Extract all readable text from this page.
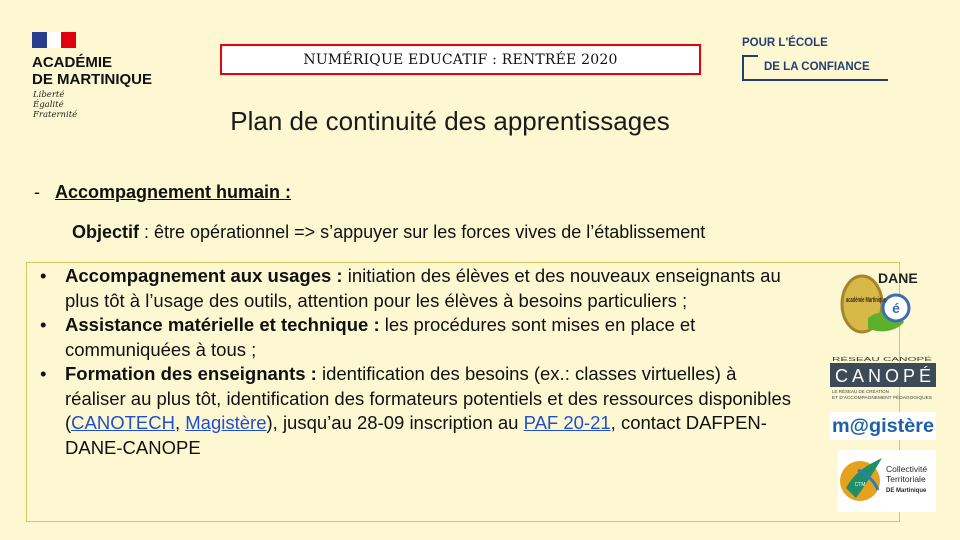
ACADÉMIE
DE MARTINIQUE
Liberté
Égalité
Fraternité
NUMÉRIQUE EDUCATIF : RENTRÉE 2020
POUR L'ÉCOLE
DE LA CONFIANCE
Plan de continuité des apprentissages
- Accompagnement humain :
Objectif : être opérationnel => s’appuyer sur les forces vives de l’établissement
• Accompagnement aux usages : initiation des élèves et des nouveaux enseignants au plus tôt à l’usage des outils, attention pour les élèves à besoins particuliers ;
• Assistance matérielle et technique : les procédures sont mises en place et communiquées à tous ;
• Formation des enseignants : identification des besoins (ex.: classes virtuelles) à réaliser au plus tôt, identification des formateurs potentiels et des ressources disponibles (CANOTECH, Magistère), jusqu’au 28-09 inscription au PAF 20-21, contact DAFPEN-DANE-CANOPE
é
DANE
académie Martinique
RÉSEAU CANOPÉ
CANOPÉ
LE RÉSEAU DE CRÉATION
ET D'ACCOMPAGNEMENT PÉDAGOGIQUES
m@gistère
CTM
Collectivité
Territoriale
DE Martinique
